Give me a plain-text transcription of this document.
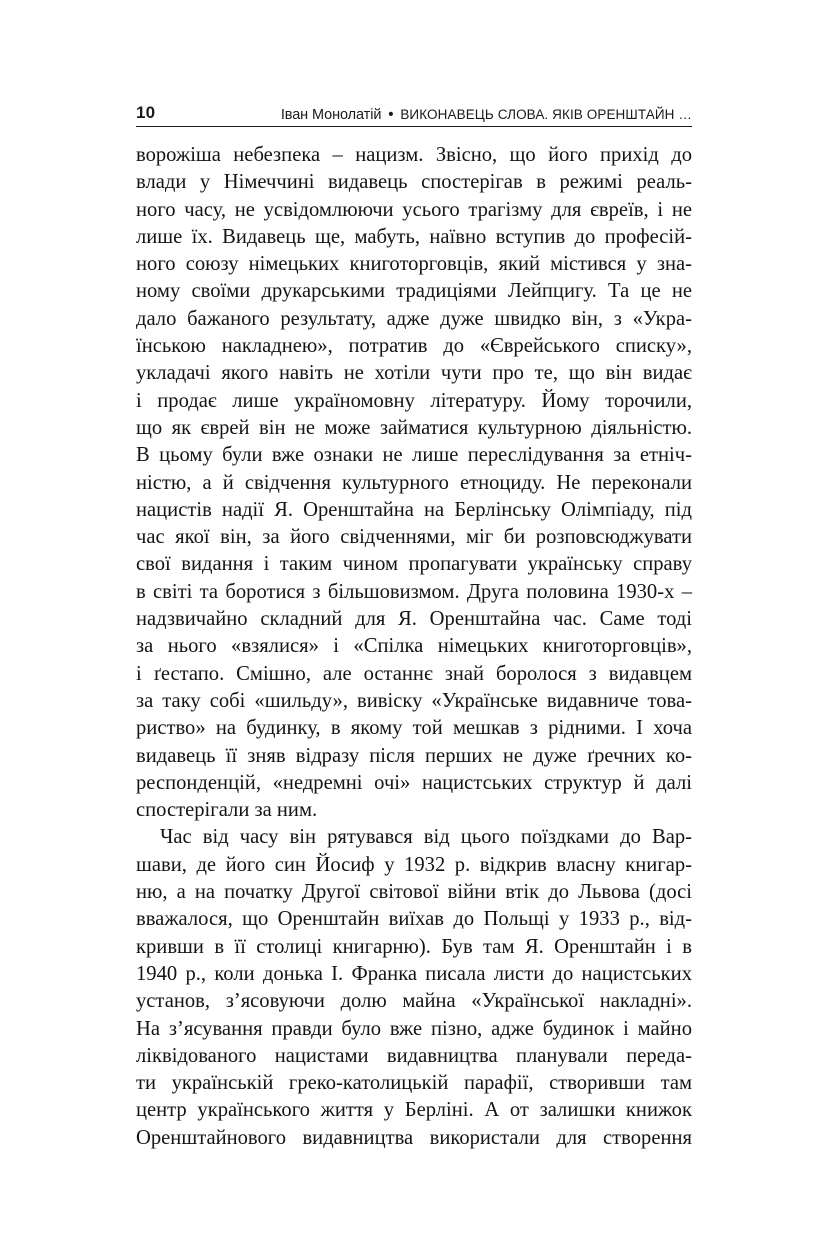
10	Іван Монолатій • ВИКОНАВЕЦЬ СЛОВА. ЯКІВ ОРЕНШТАЙН …
ворожіша небезпека – нацизм. Звісно, що його прихід до
влади у Німеччині видавець спостерігав в режимі реаль-
ного часу, не усвідомлюючи усього трагізму для євреїв, і не
лише їх. Видавець ще, мабуть, наївно вступив до професій-
ного союзу німецьких книготорговців, який містився у зна-
ному своїми друкарськими традиціями Лейпцигу. Та це не
дало бажаного результату, адже дуже швидко він, з «Укра-
їнською накладнею», потратив до «Єврейського списку»,
укладачі якого навіть не хотіли чути про те, що він видає
і продає лише україномовну літературу. Йому торочили,
що як єврей він не може займатися культурною діяльністю.
В цьому були вже ознаки не лише переслідування за етніч-
ністю, а й свідчення культурного етноциду. Не переконали
нацистів надії Я. Оренштайна на Берлінську Олімпіаду, під
час якої він, за його свідченнями, міг би розповсюджувати
свої видання і таким чином пропагувати українську справу
в світі та боротися з більшовизмом. Друга половина 1930-х –
надзвичайно складний для Я. Оренштайна час. Саме тоді
за нього «взялися» і «Спілка німецьких книготорговців»,
і ґестапо. Смішно, але останнє знай боролося з видавцем
за таку собі «шильду», вивіску «Українське видавниче това-
риство» на будинку, в якому той мешкав з рідними. І хоча
видавець її зняв відразу після перших не дуже ґречних ко-
респонденцій, «недремні очі» нацистських структур й далі
спостерігали за ним.
Час від часу він рятувався від цього поїздками до Вар-
шави, де його син Йосиф у 1932 р. відкрив власну книгар-
ню, а на початку Другої світової війни втік до Львова (досі
вважалося, що Оренштайн виїхав до Польщі у 1933 р., від-
кривши в її столиці книгарню). Був там Я. Оренштайн і в
1940 р., коли донька І. Франка писала листи до нацистських
установ, з’ясовуючи долю майна «Української накладні».
На з’ясування правди було вже пізно, адже будинок і майно
ліквідованого нацистами видавництва планували переда-
ти українській греко-католицькій парафії, створивши там
центр українського життя у Берліні. А от залишки книжок
Оренштайнового видавництва використали для створення
